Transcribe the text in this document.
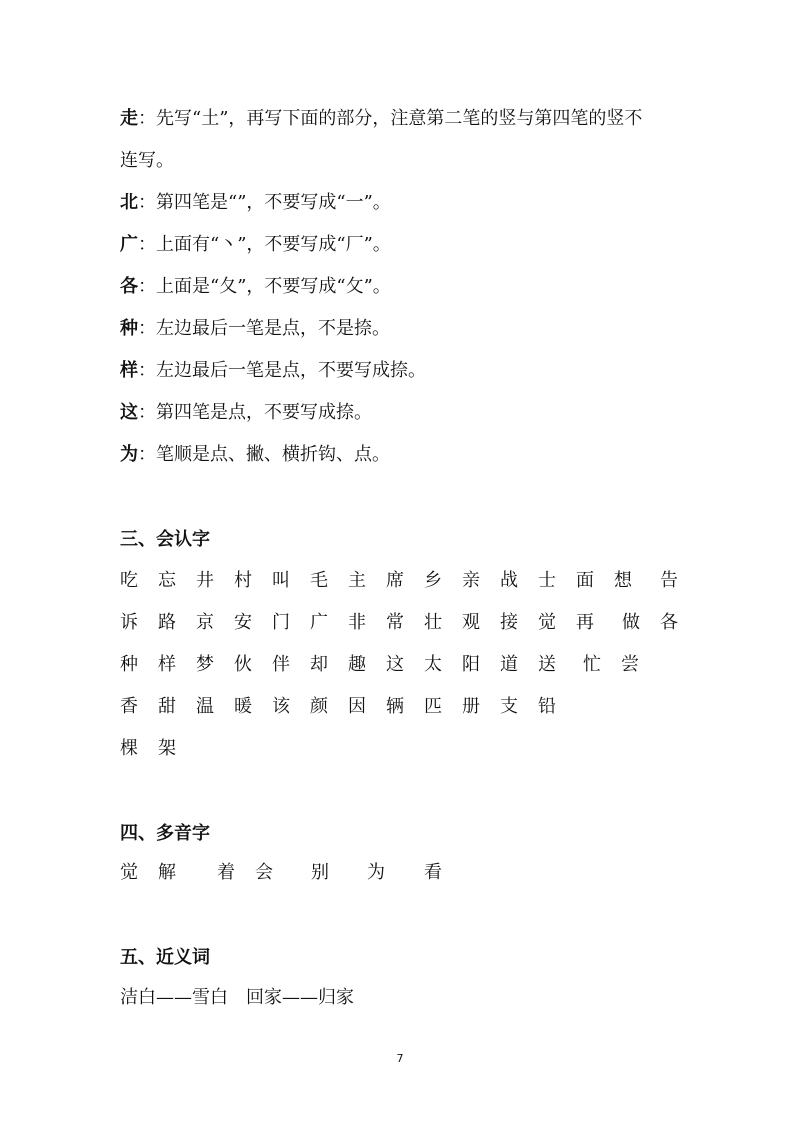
走：先写“土”，再写下面的部分，注意第二笔的竖与第四笔的竖不
连写。
北：第四笔是“”，不要写成“一”。
广：上面有“丶”，不要写成“厂”。
各：上面是“夂”，不要写成“攵”。
种：左边最后一笔是点，不是捺。
样：左边最后一笔是点，不要写成捺。
这：第四笔是点，不要写成捺。
为：笔顺是点、撇、横折钩、点。
三、会认字
吃 忘 井 村 叫 毛 主 席 乡 亲 战 士 面 想 告
诉 路 京 安 门 广 非 常 壮 观 接 觉 再 做 各
种 样 梦 伙 伴 却 趣 这 太 阳 道 送 忙 尝
香 甜 温 暖 该 颜 因 辆 匹 册 支 铅
棵 架
四、多音字
觉 解 着 会 别 为 看
五、近义词
洁白——雪白　回家——归家
7
